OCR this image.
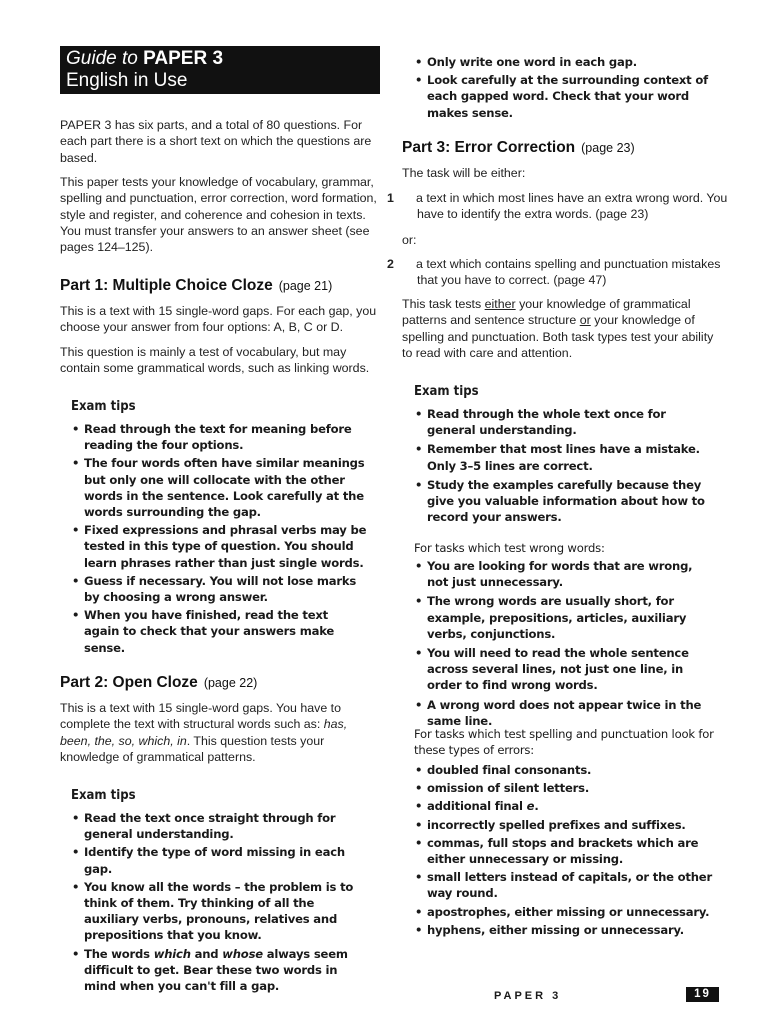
Guide to PAPER 3
English in Use

PAPER 3 has six parts, and a total of 80 questions. For each part there is a short text on which the questions are based.

This paper tests your knowledge of vocabulary, grammar, spelling and punctuation, error correction, word formation, style and register, and coherence and cohesion in texts. You must transfer your answers to an answer sheet (see pages 124–125).

Part 1: Multiple Choice Cloze (page 21)

This is a text with 15 single-word gaps. For each gap, you choose your answer from four options: A, B, C or D.

This question is mainly a test of vocabulary, but may contain some grammatical words, such as linking words.

Exam tips
• Read through the text for meaning before reading the four options.
• The four words often have similar meanings but only one will collocate with the other words in the sentence. Look carefully at the words surrounding the gap.
• Fixed expressions and phrasal verbs may be tested in this type of question. You should learn phrases rather than just single words.
• Guess if necessary. You will not lose marks by choosing a wrong answer.
• When you have finished, read the text again to check that your answers make sense.
Part 2: Open Cloze (page 22)

This is a text with 15 single-word gaps. You have to complete the text with structural words such as: has, been, the, so, which, in. This question tests your knowledge of grammatical patterns.

Exam tips
• Read the text once straight through for general understanding.
• Identify the type of word missing in each gap.
• You know all the words – the problem is to think of them. Try thinking of all the auxiliary verbs, pronouns, relatives and prepositions that you know.
• The words which and whose always seem difficult to get. Bear these two words in mind when you can't fill a gap.
• Only write one word in each gap.
• Look carefully at the surrounding context of each gapped word. Check that your word makes sense.
Part 3: Error Correction (page 23)

The task will be either:

1 a text in which most lines have an extra wrong word. You have to identify the extra words. (page 23)

or:

2 a text which contains spelling and punctuation mistakes that you have to correct. (page 47)

This task tests either your knowledge of grammatical patterns and sentence structure or your knowledge of spelling and punctuation. Both task types test your ability to read with care and attention.

Exam tips
• Read through the whole text once for general understanding.
• Remember that most lines have a mistake. Only 3–5 lines are correct.
• Study the examples carefully because they give you valuable information about how to record your answers.

For tasks which test wrong words:

• You are looking for words that are wrong, not just unnecessary.
• The wrong words are usually short, for example, prepositions, articles, auxiliary verbs, conjunctions.
• You will need to read the whole sentence across several lines, not just one line, in order to find wrong words.
• A wrong word does not appear twice in the same line.

For tasks which test spelling and punctuation look for these types of errors:

• doubled final consonants.
• omission of silent letters.
• additional final e.
• incorrectly spelled prefixes and suffixes.
• commas, full stops and brackets which are either unnecessary or missing.
• small letters instead of capitals, or the other way round.
• apostrophes, either missing or unnecessary.
• hyphens, either missing or unnecessary.
PAPER 3	19
